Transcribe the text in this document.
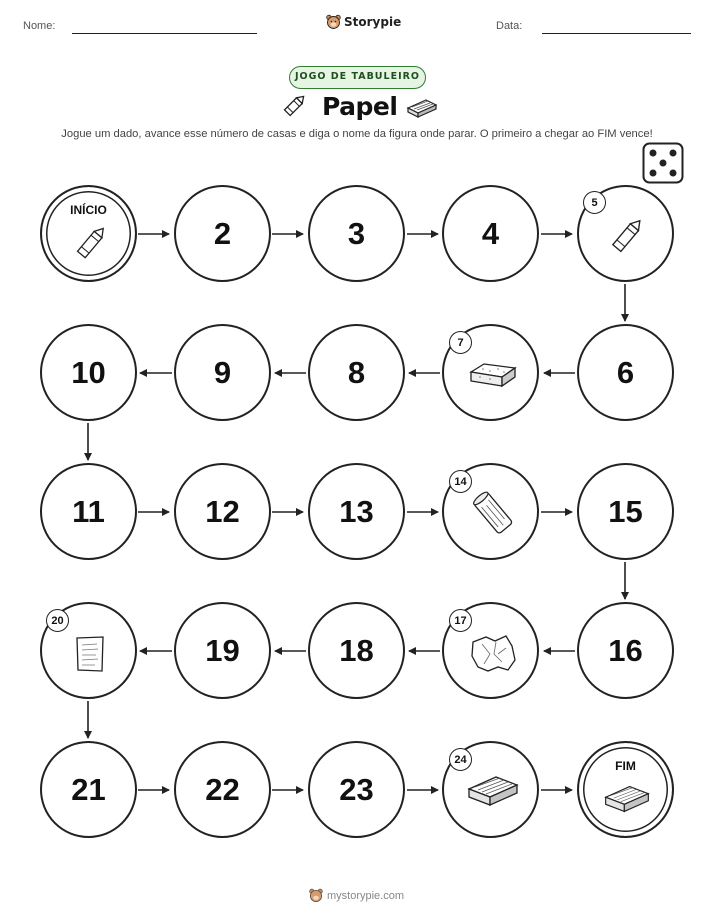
Nome:	Storypie	Data:
JOGO DE TABULEIRO
Papel
Jogue um dado, avance esse número de casas e diga o nome da figura onde parar. O primeiro a chegar ao FIM vence!
INÍCIO
2	3	4
5
10	9	8
7
6
11	12	13
14
15
20
19	18
17
16
21	22	23
24	FIM
mystorypie.com
